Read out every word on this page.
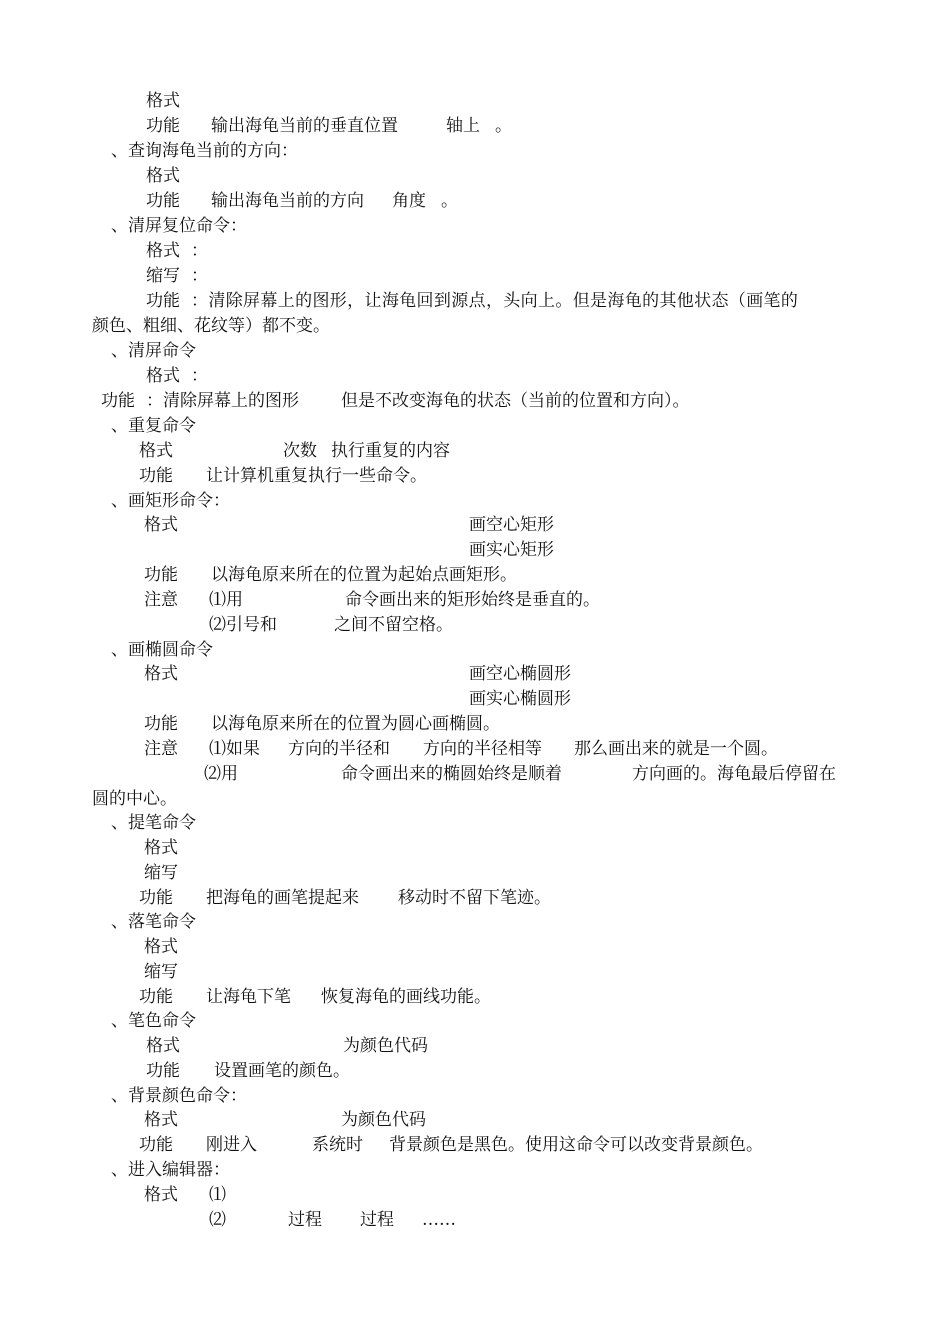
格式
功能 输出海龟当前的垂直位置	轴上 。
、查询海龟当前的方向：
格式
功能 输出海龟当前的方向 角度 。
、清屏复位命令：
格式 ：
缩写 ：
功能 ：清除屏幕上的图形，让海龟回到源点，头向上。但是海龟的其他状态（画笔的
颜色、粗细、花纹等）都不变。
、清屏命令
格式 ：
功能 ：清除屏幕上的图形 但是不改变海龟的状态（当前的位置和方向）。
、重复命令
格式	次数 执行重复的内容
功能 让计算机重复执行一些命令。
、画矩形命令：
格式	画空心矩形
画实心矩形
功能 以海龟原来所在的位置为起始点画矩形。
注意 ⑴用	命令画出来的矩形始终是垂直的。
⑵引号和	之间不留空格。
、画椭圆命令
格式	画空心椭圆形
画实心椭圆形
功能 以海龟原来所在的位置为圆心画椭圆。
注意 ⑴如果 方向的半径和 方向的半径相等 那么画出来的就是一个圆。
⑵用	命令画出来的椭圆始终是顺着	方向画的。海龟最后停留在
圆的中心。
、提笔命令
格式
缩写
功能 把海龟的画笔提起来 移动时不留下笔迹。
、落笔命令
格式
缩写
功能 让海龟下笔 恢复海龟的画线功能。
、笔色命令
格式	为颜色代码
功能 设置画笔的颜色。
、背景颜色命令：
格式	为颜色代码
功能 刚进入	系统时 背景颜色是黑色。使用这命令可以改变背景颜色。
、进入编辑器：
格式 ⑴
⑵	过程 过程 ……
